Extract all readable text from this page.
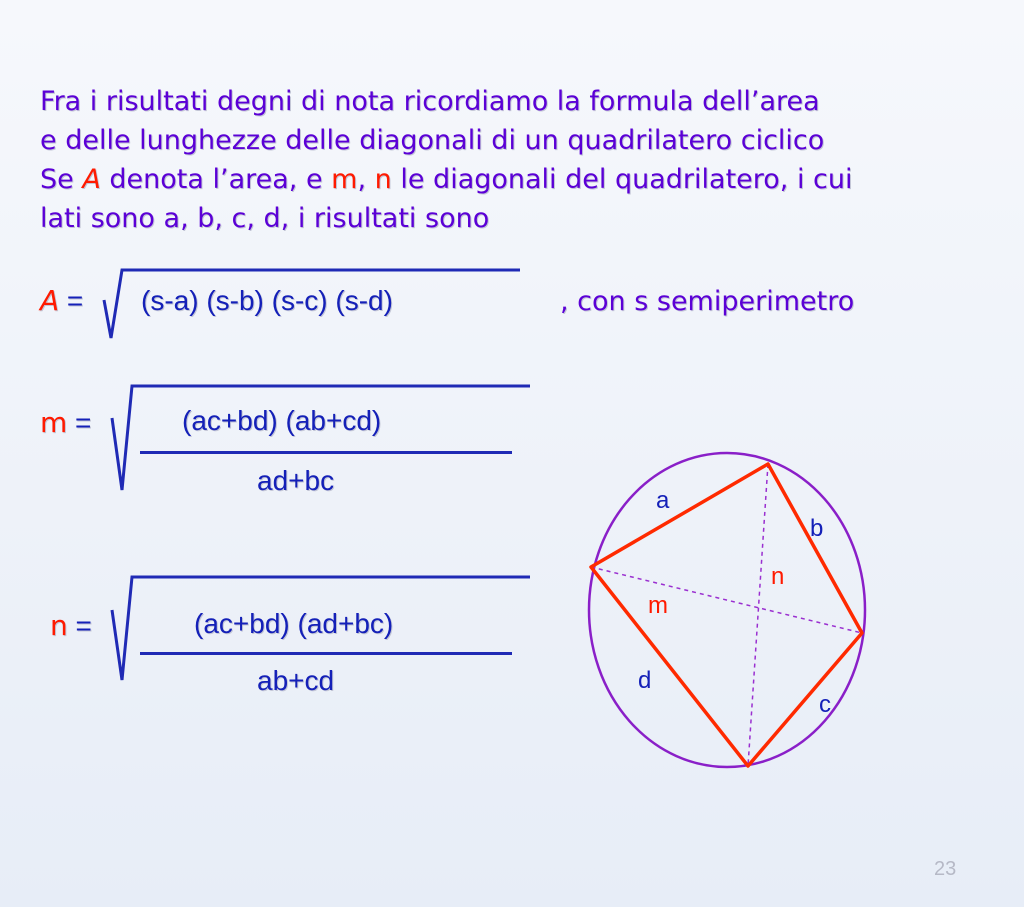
Fra i risultati degni di nota ricordiamo la formula dell’area

e delle lunghezze delle diagonali di un quadrilatero ciclico

Se A denota l’area, e m, n le diagonali del quadrilatero, i cui

lati sono a, b, c, d, i risultati sono

A = (s-a) (s-b) (s-c) (s-d)	, con s semiperimetro
m =	(ac+bd) (ab+cd)
ad+bc
n =	(ac+bd) (ad+bc)
ab+cd
a
b
c
d
m
n
23
